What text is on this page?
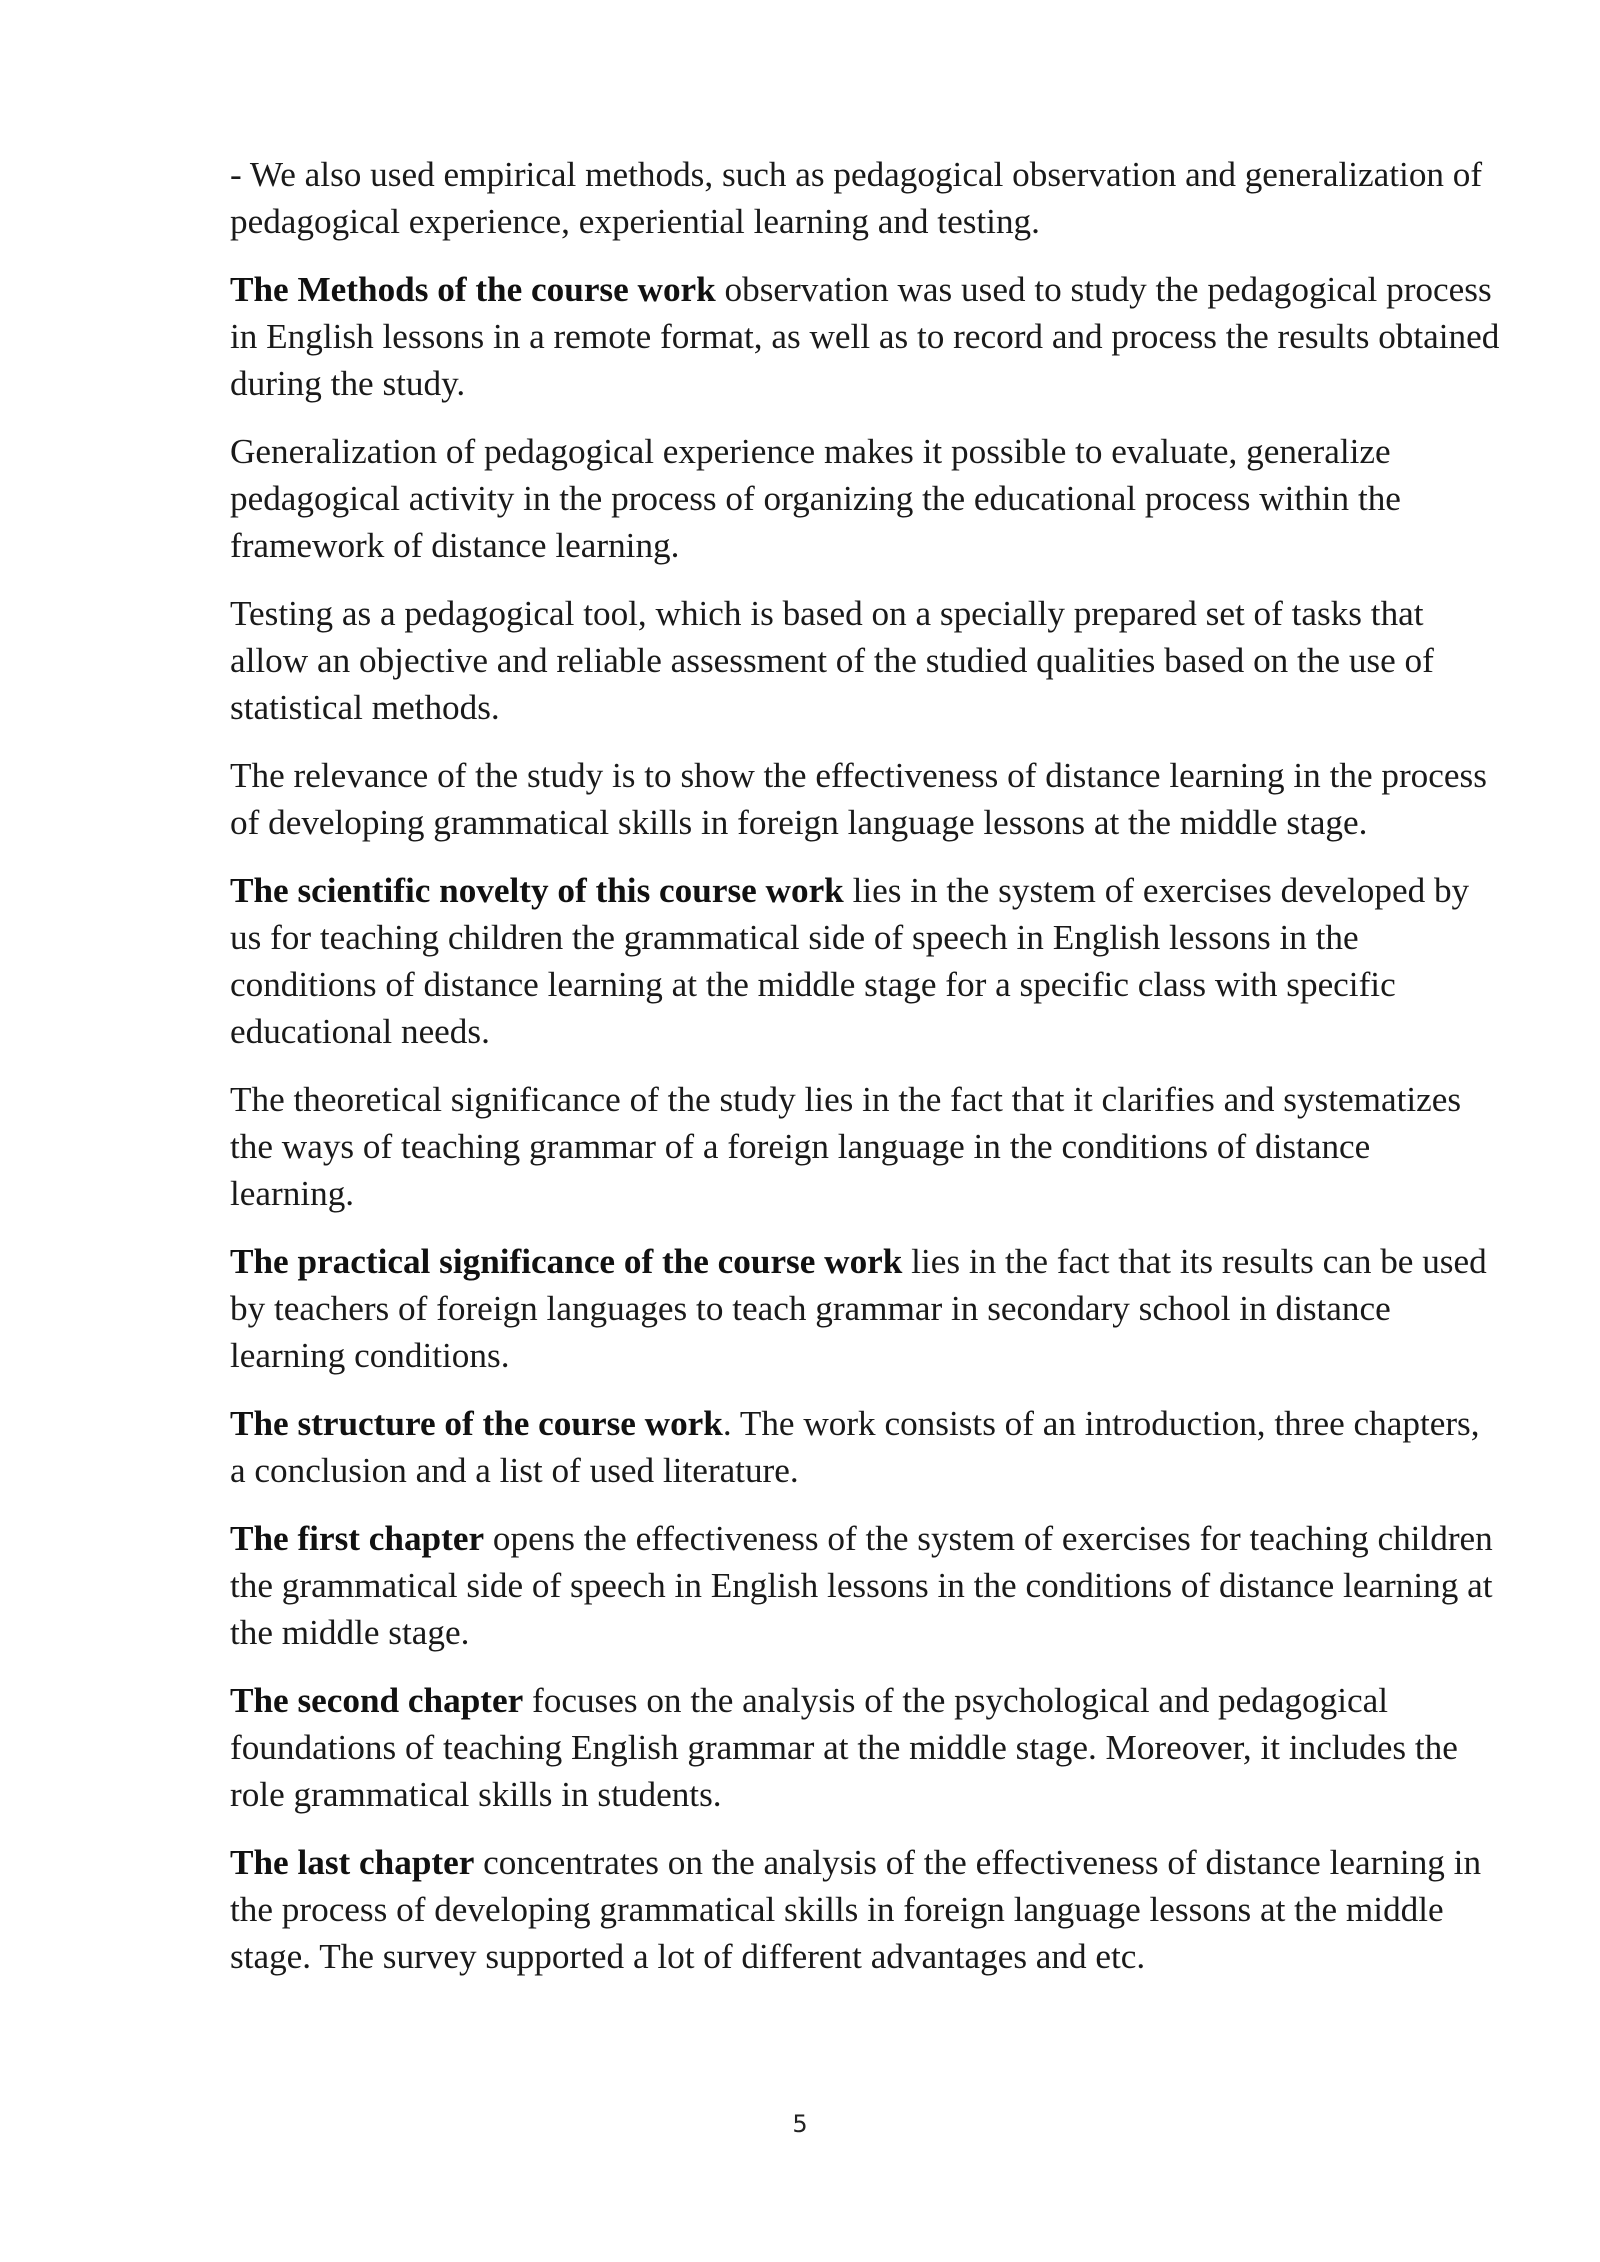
- We also used empirical methods, such as pedagogical observation and generalization of pedagogical experience, experiential learning and testing.

The Methods of the course work observation was used to study the pedagogical process in English lessons in a remote format, as well as to record and process the results obtained during the study.

Generalization of pedagogical experience makes it possible to evaluate, generalize pedagogical activity in the process of organizing the educational process within the framework of distance learning.

Testing as a pedagogical tool, which is based on a specially prepared set of tasks that allow an objective and reliable assessment of the studied qualities based on the use of statistical methods.

The relevance of the study is to show the effectiveness of distance learning in the process of developing grammatical skills in foreign language lessons at the middle stage.

The scientific novelty of this course work lies in the system of exercises developed by us for teaching children the grammatical side of speech in English lessons in the conditions of distance learning at the middle stage for a specific class with specific educational needs.

The theoretical significance of the study lies in the fact that it clarifies and systematizes the ways of teaching grammar of a foreign language in the conditions of distance learning.

The practical significance of the course work lies in the fact that its results can be used by teachers of foreign languages to teach grammar in secondary school in distance learning conditions.

The structure of the course work. The work consists of an introduction, three chapters, a conclusion and a list of used literature.

The first chapter opens the effectiveness of the system of exercises for teaching children the grammatical side of speech in English lessons in the conditions of distance learning at the middle stage.

The second chapter focuses on the analysis of the psychological and pedagogical foundations of teaching English grammar at the middle stage. Moreover, it includes the role grammatical skills in students.

The last chapter concentrates on the analysis of the effectiveness of distance learning in the process of developing grammatical skills in foreign language lessons at the middle stage. The survey supported a lot of different advantages and etc.

5
